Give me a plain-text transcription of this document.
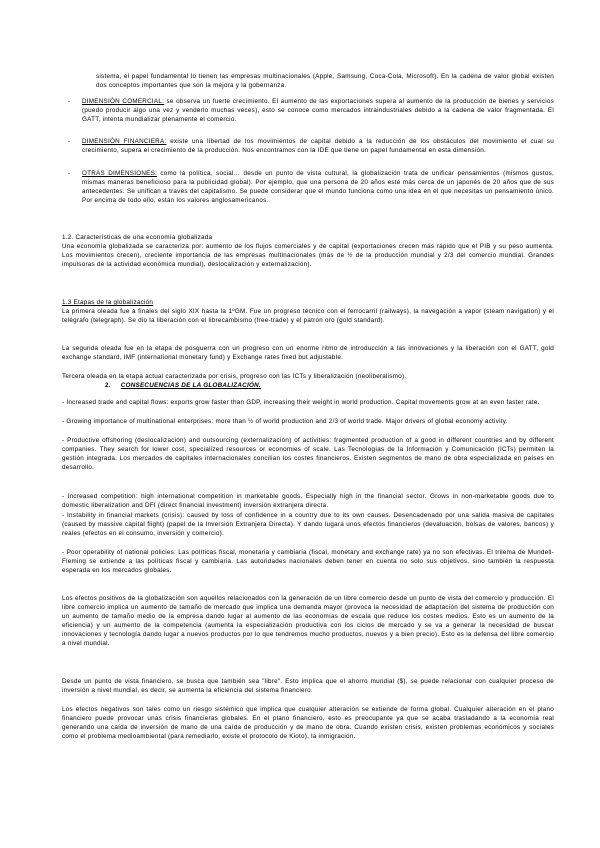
sistema, el papel fundamental lo tienen las empresas multinacionales (Apple, Samsung, Coca-Cola, Microsoft). En la cadena de valor global existen dos conceptos importantes que son la mejora y la gobernanza.

- DIMENSIÓN COMERCIAL: se observa un fuerte crecimiento. El aumento de las exportaciones supera al aumento de la producción de bienes y servicios (puedo producir algo una vez y venderlo muchas veces), esto se conoce como mercados intraindustriales debido a la cadena de valor fragmentada. El GATT, intenta mundializar plenamente el comercio.
- DIMENSIÓN FINANCIERA: existe una libertad de los movimientos de capital debido a la reducción de los obstáculos del movimiento el cual su crecimiento, supera el crecimiento de la producción. Nos encontramos con la IDE que tiene un papel fundamental en esta dimensión.
- OTRAS DIMENSIONES: como la política, social… desde un punto de vista cultural, la globalización trata de unificar pensamientos (mismos gustos, mismas maneras beneficioso para la publicidad global). Por ejemplo, que una persona de 20 años esté más cerca de un japonés de 20 años que de sus antecedentes. Se unifican a través del capitalismo. Se puede considerar que el mundo funciona como una idea en el que necesitas un pensamiento único. Por encima de todo ello, están los valores anglosamericanos.

1.2. Características de una economía globalizada

Una economía globalizada se caracteriza por: aumento de los flujos comerciales y de capital (exportaciones crecen más rápido que el PIB y su peso aumenta. Los movimientos crecen), creciente importancia de las empresas multinacionales (más de ½ de la producción mundial y 2/3 del comercio mundial. Grandes impulsoras de la actividad económica mundial), deslocalización y externalización).

1.3 Etapas de la globalización

La primera oleada fue a finales del siglo XIX hasta la 1ºGM. Fue un progreso técnico con el ferrocarril (railways), la navegación a vapor (steam navigation) y el telégrafo (telegraph). Se dio la liberación con el librecambismo (free-trade) y el patrón oro (gold standard).

La segunda oleada fue en la etapa de posguerra con un progreso con un enorme ritmo de introducción a las innovaciones y la liberación con el GATT, gold exchange standard, IMF (international monetary fund) y Exchange rates fixed but adjustable.

Tercera oleada en la etapa actual caracterizada por crisis, progreso con las ICTs y liberalización (neoliberalismo).

2. CONSECUENCIAS DE LA GLOBALIZACIÓN.

- Increased trade and capital flows: exports grow faster than GDP, increasing their weight in world production. Capital movements grow at an even faster rate.

- Growing importance of multinational enterprises: more than ½ of world production and 2/3 of world trade. Major drivers of global economy activity.

- Productive offshoring (deslocalización) and outsourcing (externalización) of activities: fragmented production of a good in different countries and by different companies. They search for lower cost, specialized resources or economies of scale. Las Tecnologías de la Información y Comunicación (ICTs) permiten la gestión integrada. Los mercados de capitales internacionales concilian los costes financieros. Existen segmentos de mano de obra especializada en países en desarrollo.

- Increased competition: high international competition in marketable goods. Especially high in the financial sector. Grows in non-marketable goods due to domestic liberalization and DFI (direct financial investment) inversión extranjera directa.

- Instability in financial markets (crisis): caused by loss of confidence in a country due to its own causes. Desencadenado por una salida masiva de capitales (caused by massive capital flight) (papel de la Inversión Extranjera Directa). Y dando lugara unos efectos financieros (devaluación, bolsas de valores, bancos) y reales (efectos en el consumo, inversión y comercio).

- Poor operability of national policies: Las políticas fiscal, monetaria y cambiaria (fiscal, monetary and exchange rate) ya no son efectivas. El trilema de Mundell-Fleming se extiende a las políticas fiscal y cambiaria. Las autoridades nacionales deben tener en cuenta no solo sus objetivos, sino también la respuesta esperada en los mercados globales.

Los efectos positivos de la globalización son aquellos relacionados con la generación de un libre comercio desde un punto de vista del comercio y producción. El libre comercio implica un aumento de tamaño de mercado que implica una demanda mayor (provoca la necesidad de adaptación del sistema de producción con un aumento de tamaño medio de la empresa dando lugar al aumento de las economías de escala que reduce los costes medios. Esto es un aumento de la eficiencia) y un aumento de la competencia (aumenta la especialización productiva con los ciclos de mercado y se va a generar la necesidad de buscar innovaciones y tecnología dando lugar a nuevos productos por lo que tendremos mucho productos, nuevos y a bien precio). Esto es la defensa del libre comercio a nivel mundial.

Desde un punto de vista financiero, se busca que también sea "libre". Esto implica que el ahorro mundial ($), se puede relacionar con cualquier proceso de inversión a nivel mundial, es decir, se aumenta la eficiencia del sistema financiero.

Los efectos negativos son tales como un riesgo sistémico que implica que cualquier alteración se extiende de forma global. Cualquier alteración en el plano financiero puede provocar unas crisis financieras globales. En el plano financiero, esto es preocupante ya que se acaba trasladando a la economía real generando una caída de inversión de mano de una caída de producción y de mano de obra. Cuando existen crisis, existen problemas económicos y sociales como el problema medioambiental (para remediarlo, existe el protocolo de Kioto), la inmigración.
